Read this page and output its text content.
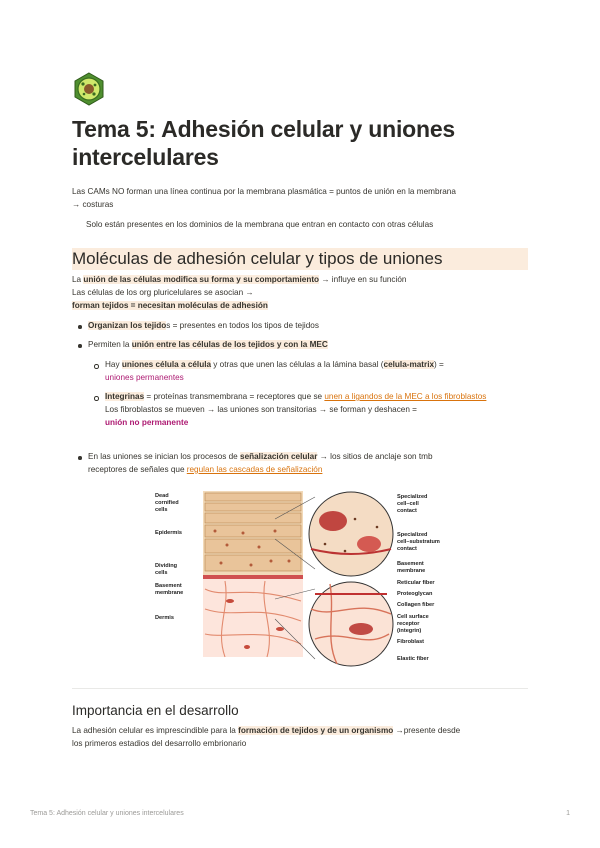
Tema 5: Adhesión celular y uniones intercelulares
Las CAMs NO forman una línea continua por la membrana plasmática = puntos de unión en la membrana
→ costuras
Solo están presentes en los dominios de la membrana que entran en contacto con otras células
Moléculas de adhesión celular y tipos de uniones
La unión de las células modifica su forma y su comportamiento → influye en su función
Las células de los org pluricelulares se asocian →
forman tejidos = necesitan moléculas de adhesión
Organizan los tejidos = presentes en todos los tipos de tejidos
Permiten la unión entre las células de los tejidos y con la MEC
Hay uniones célula a célula y otras que unen las células a la lámina basal (celula-matrix) =
uniones permanentes
Integrinas = proteínas transmembrana = receptores que se unen a ligandos de la MEC a los fibroblastos
Los fibroblastos se mueven → las uniones son transitorias → se forman y deshacen =
unión no permanente
En las uniones se inician los procesos de señalización celular → los sitios de anclaje son tmb
receptores de señales que regulan las cascadas de señalización
Dead
cornified
cells
Epidermis
Dividing
cells
Basement
membrane
Dermis
Specialized
cell–cell
contact
Specialized
cell–substratum
contact
Basement
membrane
Reticular fiber
Proteoglycan
Collagen fiber
Cell surface
receptor
(integrin)
Fibroblast
Elastic fiber
Importancia en el desarrollo
La adhesión celular es imprescindible para la formación de tejidos y de un organismo →presente desde
los primeros estadios del desarrollo embrionario
Tema 5: Adhesión celular y uniones intercelulares	1
